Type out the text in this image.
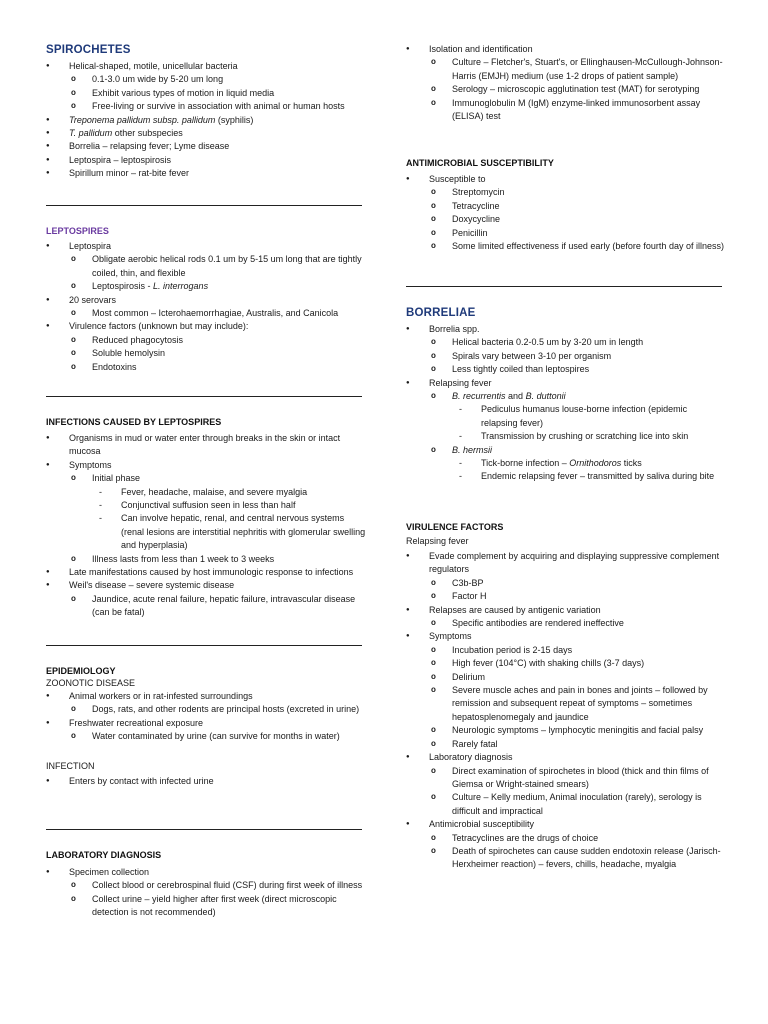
SPIROCHETES
● Helical-shaped, motile, unicellular bacteria
o 0.1-3.0 um wide by 5-20 um long
o Exhibit various types of motion in liquid media
o Free-living or survive in association with animal or human hosts
● Treponema pallidum subsp. pallidum (syphilis)
● T. pallidum other subspecies
● Borrelia – relapsing fever; Lyme disease
● Leptospira – leptospirosis
● Spirillum minor – rat-bite fever
LEPTOSPIRES
● Leptospira
o Obligate aerobic helical rods 0.1 um by 5-15 um long that are tightly coiled, thin, and flexible
o Leptospirosis - L. interrogans
● 20 serovars
o Most common – Icterohaemorrhagiae, Australis, and Canicola
● Virulence factors (unknown but may include):
o Reduced phagocytosis
o Soluble hemolysin
o Endotoxins
INFECTIONS CAUSED BY LEPTOSPIRES
● Organisms in mud or water enter through breaks in the skin or intact mucosa
● Symptoms
o Initial phase
- Fever, headache, malaise, and severe myalgia
- Conjunctival suffusion seen in less than half
- Can involve hepatic, renal, and central nervous systems (renal lesions are interstitial nephritis with glomerular swelling and hyperplasia)
o Illness lasts from less than 1 week to 3 weeks
● Late manifestations caused by host immunologic response to infections
● Weil's disease – severe systemic disease
o Jaundice, acute renal failure, hepatic failure, intravascular disease (can be fatal)
EPIDEMIOLOGY
ZOONOTIC DISEASE
● Animal workers or in rat-infested surroundings
o Dogs, rats, and other rodents are principal hosts (excreted in urine)
● Freshwater recreational exposure
o Water contaminated by urine (can survive for months in water)
INFECTION
● Enters by contact with infected urine
LABORATORY DIAGNOSIS
● Specimen collection
o Collect blood or cerebrospinal fluid (CSF) during first week of illness
o Collect urine – yield higher after first week (direct microscopic detection is not recommended)
● Isolation and identification
o Culture – Fletcher's, Stuart's, or Ellinghausen-McCullough-Johnson-Harris (EMJH) medium (use 1-2 drops of patient sample)
o Serology – microscopic agglutination test (MAT) for serotyping
o Immunoglobulin M (IgM) enzyme-linked immunosorbent assay (ELISA) test
ANTIMICROBIAL SUSCEPTIBILITY
● Susceptible to
o Streptomycin
o Tetracycline
o Doxycycline
o Penicillin
o Some limited effectiveness if used early (before fourth day of illness)
BORRELIAE
● Borrelia spp.
o Helical bacteria 0.2-0.5 um by 3-20 um in length
o Spirals vary between 3-10 per organism
o Less tightly coiled than leptospires
● Relapsing fever
o B. recurrentis and B. duttonii
- Pediculus humanus louse-borne infection (epidemic relapsing fever)
- Transmission by crushing or scratching lice into skin
o B. hermsii
- Tick-borne infection – Ornithodoros ticks
- Endemic relapsing fever – transmitted by saliva during bite
VIRULENCE FACTORS
Relapsing fever
● Evade complement by acquiring and displaying suppressive complement regulators
o C3b-BP
o Factor H
● Relapses are caused by antigenic variation
o Specific antibodies are rendered ineffective
● Symptoms
o Incubation period is 2-15 days
o High fever (104°C) with shaking chills (3-7 days)
o Delirium
o Severe muscle aches and pain in bones and joints – followed by remission and subsequent repeat of symptoms – sometimes hepatosplenomegaly and jaundice
o Neurologic symptoms – lymphocytic meningitis and facial palsy
o Rarely fatal
● Laboratory diagnosis
o Direct examination of spirochetes in blood (thick and thin films of Giemsa or Wright-stained smears)
o Culture – Kelly medium, Animal inoculation (rarely), serology is difficult and impractical
● Antimicrobial susceptibility
o Tetracyclines are the drugs of choice
o Death of spirochetes can cause sudden endotoxin release (Jarisch-Herxheimer reaction) – fevers, chills, headache, myalgia
